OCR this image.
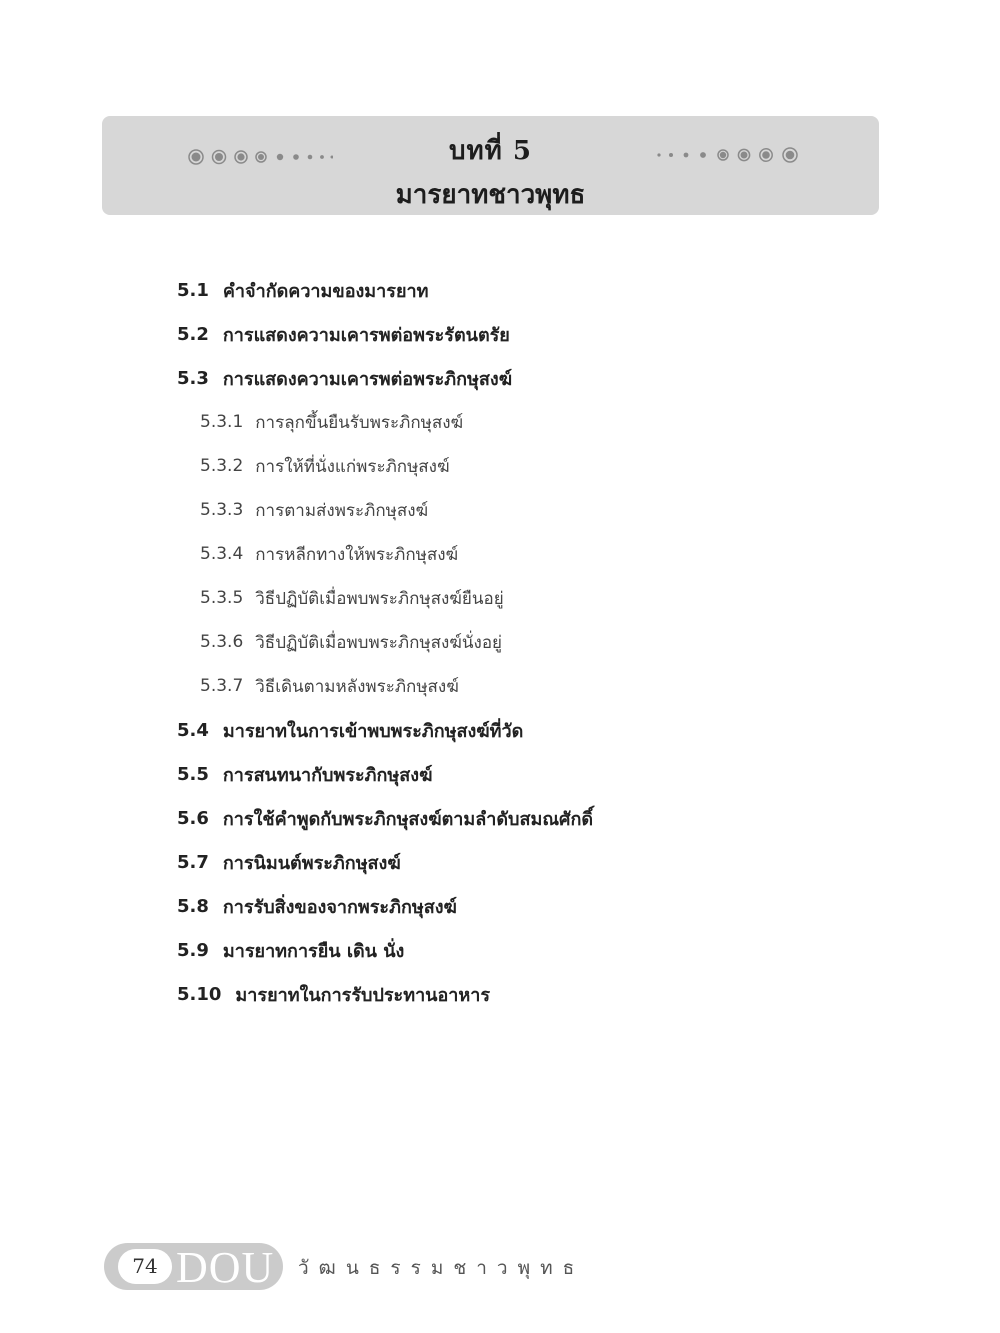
บทที่ 5
มารยาทชาวพุทธ
5.1 คำจำกัดความของมารยาท
5.2 การแสดงความเคารพต่อพระรัตนตรัย
5.3 การแสดงความเคารพต่อพระภิกษุสงฆ์
5.3.1 การลุกขึ้นยืนรับพระภิกษุสงฆ์
5.3.2 การให้ที่นั่งแก่พระภิกษุสงฆ์
5.3.3 การตามส่งพระภิกษุสงฆ์
5.3.4 การหลีกทางให้พระภิกษุสงฆ์
5.3.5 วิธีปฏิบัติเมื่อพบพระภิกษุสงฆ์ยืนอยู่
5.3.6 วิธีปฏิบัติเมื่อพบพระภิกษุสงฆ์นั่งอยู่
5.3.7 วิธีเดินตามหลังพระภิกษุสงฆ์
5.4 มารยาทในการเข้าพบพระภิกษุสงฆ์ที่วัด
5.5 การสนทนากับพระภิกษุสงฆ์
5.6 การใช้คำพูดกับพระภิกษุสงฆ์ตามลำดับสมณศักดิ์
5.7 การนิมนต์พระภิกษุสงฆ์
5.8 การรับสิ่งของจากพระภิกษุสงฆ์
5.9 มารยาทการยืน เดิน นั่ง
5.10 มารยาทในการรับประทานอาหาร
74 DOU วัฒนธรรมชาวพุทธ
